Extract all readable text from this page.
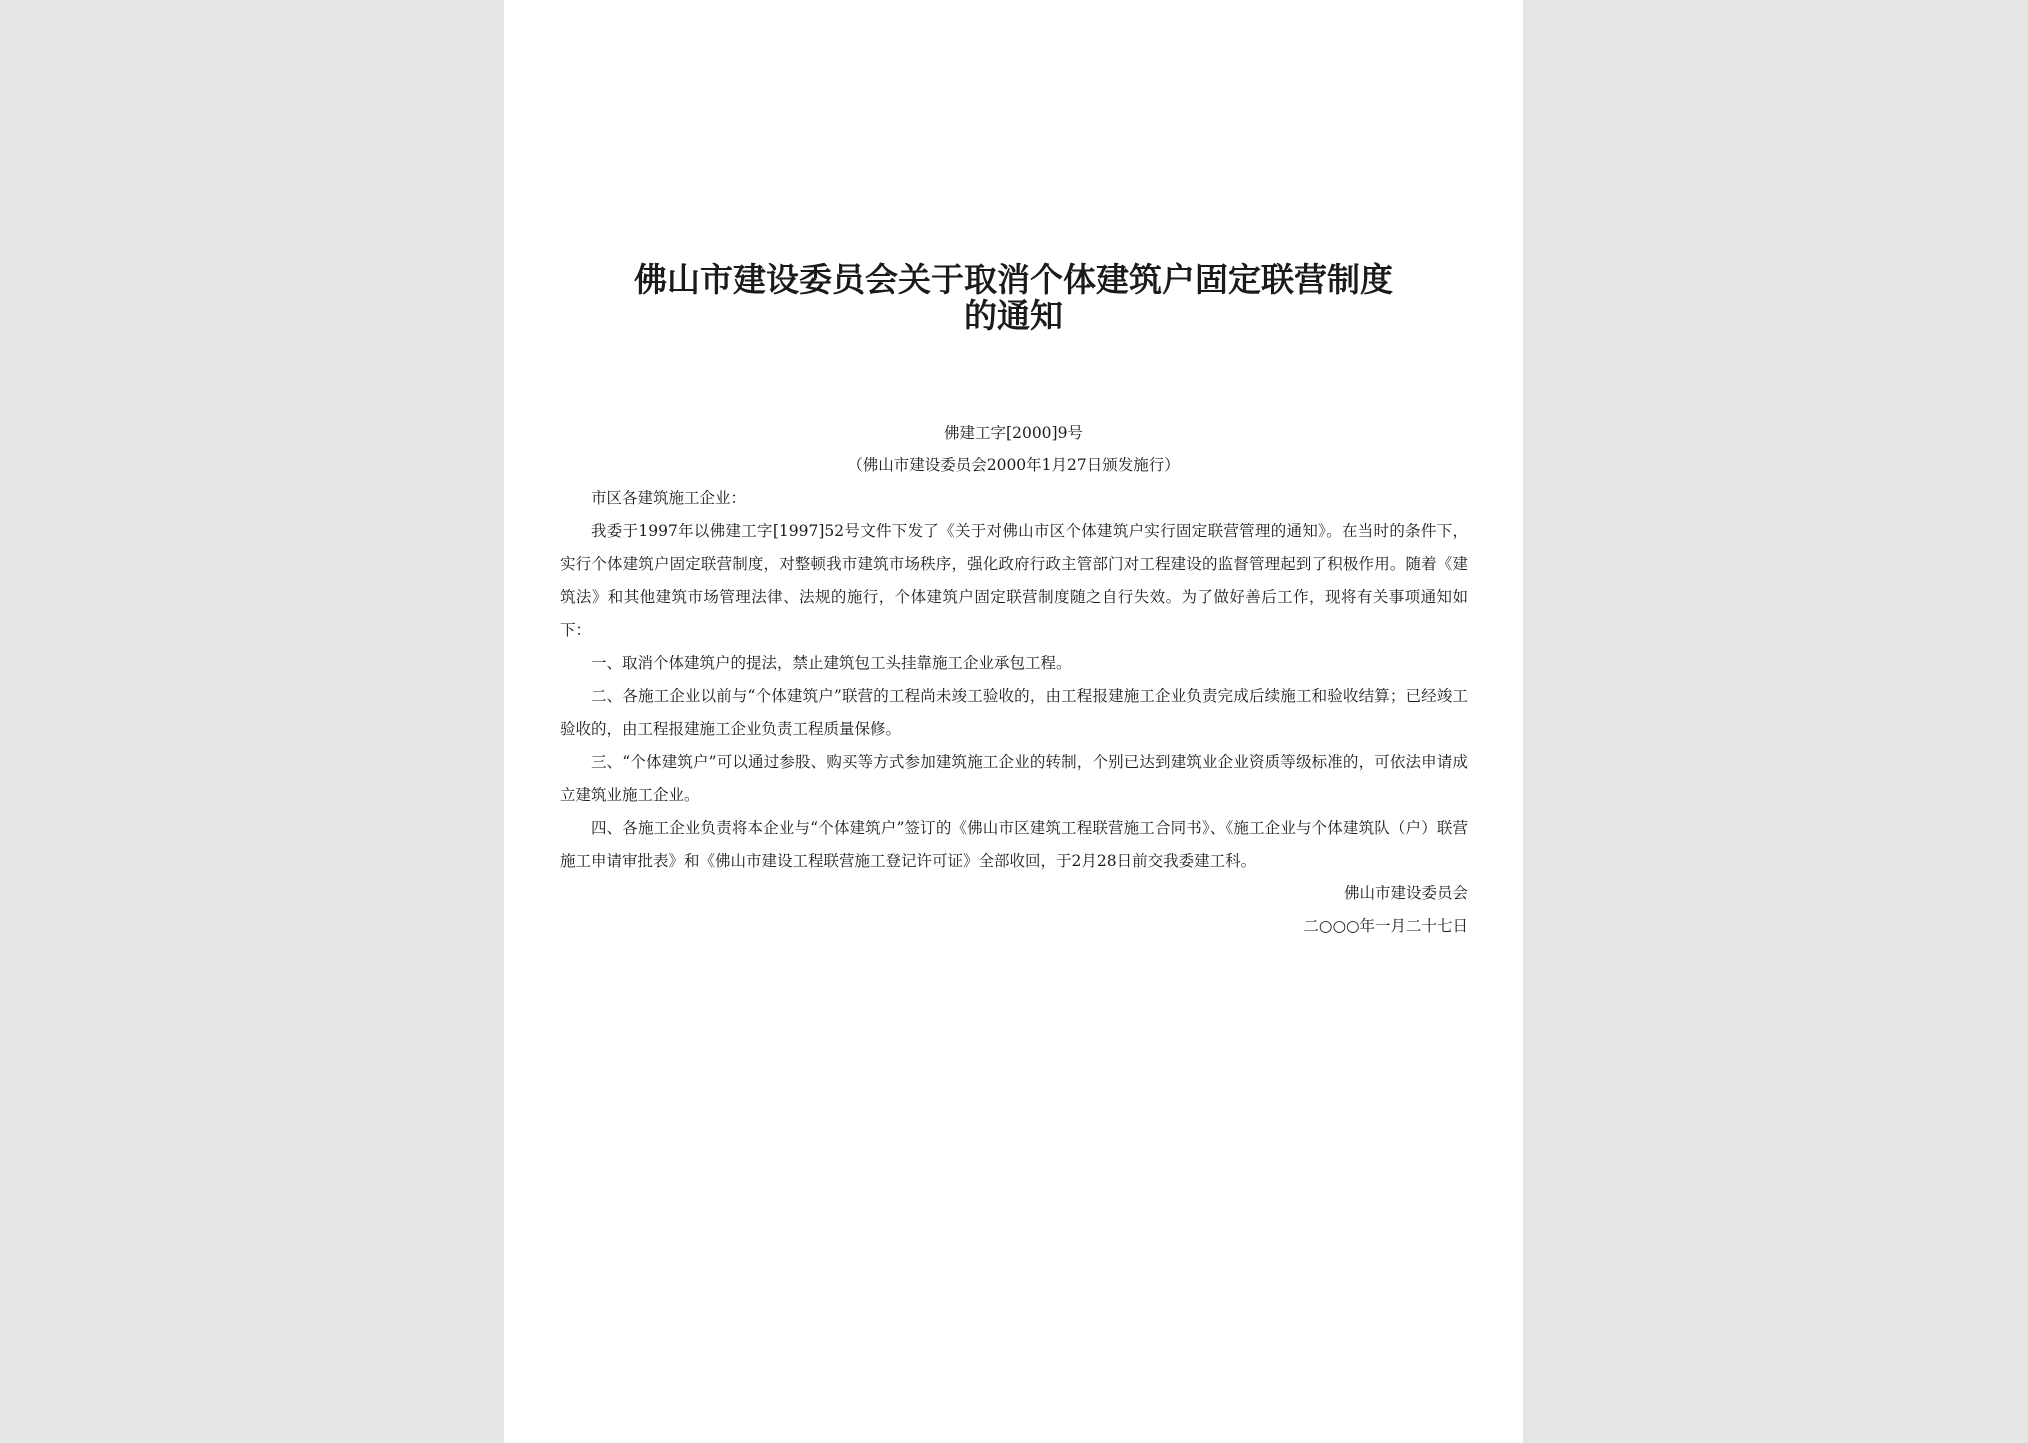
佛山市建设委员会关于取消个体建筑户固定联营制度
的通知
佛建工字[2000]9号
（佛山市建设委员会2000年1月27日颁发施行）

市区各建筑施工企业：

我委于1997年以佛建工字[1997]52号文件下发了《关于对佛山市区个体建筑户实行固定联营管理的通知》。在当时的条件下，实行个体建筑户固定联营制度，对整顿我市建筑市场秩序，强化政府行政主管部门对工程建设的监督管理起到了积极作用。随着《建筑法》和其他建筑市场管理法律、法规的施行，个体建筑户固定联营制度随之自行失效。为了做好善后工作，现将有关事项通知如下：

一、取消个体建筑户的提法，禁止建筑包工头挂靠施工企业承包工程。

二、各施工企业以前与“个体建筑户”联营的工程尚未竣工验收的，由工程报建施工企业负责完成后续施工和验收结算；已经竣工验收的，由工程报建施工企业负责工程质量保修。

三、“个体建筑户”可以通过参股、购买等方式参加建筑施工企业的转制，个别已达到建筑业企业资质等级标准的，可依法申请成立建筑业施工企业。

四、各施工企业负责将本企业与“个体建筑户”签订的《佛山市区建筑工程联营施工合同书》、《施工企业与个体建筑队（户）联营施工申请审批表》和《佛山市建设工程联营施工登记许可证》全部收回，于2月28日前交我委建工科。

佛山市建设委员会
二○○○年一月二十七日
